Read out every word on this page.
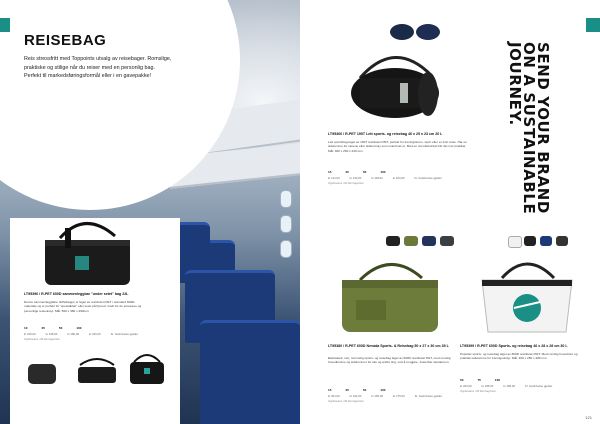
REISEBAG
Reis stressfritt med Toppoints utvalg av reisebager. Romslige, praktiske og stilige når du reiser med en personlig bag. Perfekt til markedsføringsformål eller i en gavepakke!
LT95396 / R-PET 600D sammenleggbar "under setet" bag 22L
Denne sammenleggbare duffelbagen er laget av resirkulert PET / standard 600D-materiale og er perfekt for 'spesialklær' eller setet på flymed. Godt for de avreiseve og personlige reiseutstyr. Mål: 560 x 380 x 290mm
10	25	50	100
kr 216,00	kr 198,00	kr 180,00	kr 166,00	Kr. beskrivelse gjelder
Oppbevares i 35 liter bagvolum
LT95366 / R-PET 190T Lett sports- og reisebag 46 x 25 x 23 cm 20 L
Lett sportsbag laget av 190T resirkulert PET, perfekt for treningsturen, sport eller en kort reise. Har en sidelomme for skoene eller skittent tøy som enkelt tas ut. Med en omsnittsvinkel blir det mer praktisk. Mål: 460 x 250 x 230 mm
15	25	50	100
kr 141,00	kr 132,00	kr 118,00	kr 104,00	Kr. beskrivelse gjelder
Oppbevares i 20 liter bagvolum	SEND YOUR BRAND
ON A SUSTAINABLE
JOURNEY.
LT95380 / R-PET 600D Nevada Sports- & Reisebag 50 x 27 x 30 cm 39 L
Ekstraslett, stor, rommelig sports- og reisebag laget av 600D resirkulert PET, med romslig hovedlomme og sidelommer for sko og andre ting. Lett å rengjøre. Justerbar skulderrem.
15	25	50	100
kr 201,00	kr 192,00	kr 183,00	kr 175,00	Kr. beskrivelse gjelder
Oppbevares i 39 liter bagvolum
LT95399 / R-PET 600D Sports- og reisebag 46 x 28 x 28 cm 30 L
Populær sports- og reisebag laget av 600D resirkulert PET. Med romslig hovedrom og praktisk sidelomme for treningsutstyr. Mål: 460 x 280 x 280 mm
50	75	100
kr 202,00	kr 185,00	kr 168,00	Kr. beskrivelse gjelder
Oppbevares i 30 liter bagvolum
121
